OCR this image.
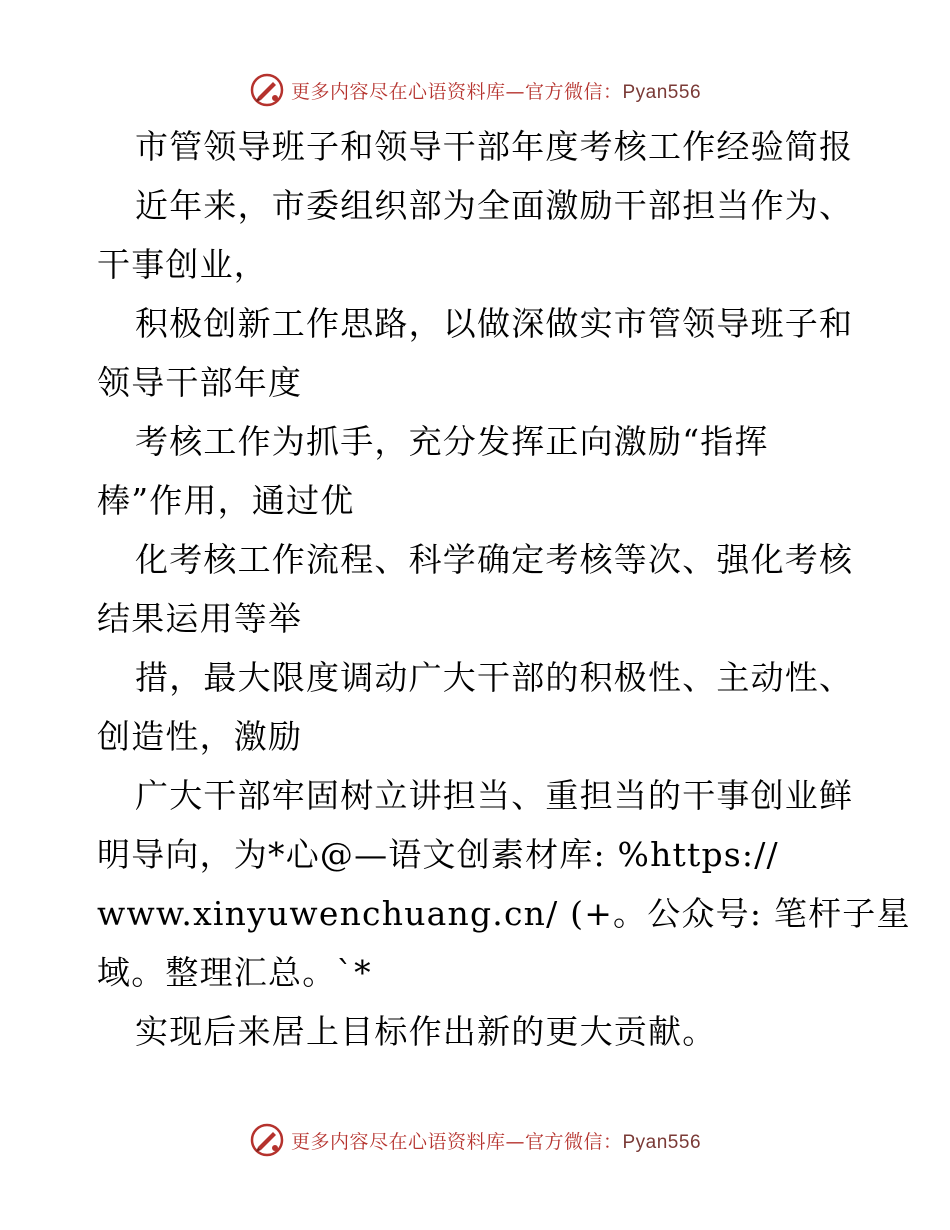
更多内容尽在心语资料库—官方微信：Pyan556
市管领导班子和领导干部年度考核工作经验简报
近年来，市委组织部为全面激励干部担当作为、
干事创业，
积极创新工作思路，以做深做实市管领导班子和
领导干部年度
考核工作为抓手，充分发挥正向激励“指挥
棒”作用，通过优
化考核工作流程、科学确定考核等次、强化考核
结果运用等举
措，最大限度调动广大干部的积极性、主动性、
创造性，激励
广大干部牢固树立讲担当、重担当的干事创业鲜
明导向，为*心@—语文创素材库: %https://
www.xinyuwenchuang.cn/ (+。公众号: 笔杆子星
域。整理汇总。`*
实现后来居上目标作出新的更大贡献。
更多内容尽在心语资料库—官方微信：Pyan556
